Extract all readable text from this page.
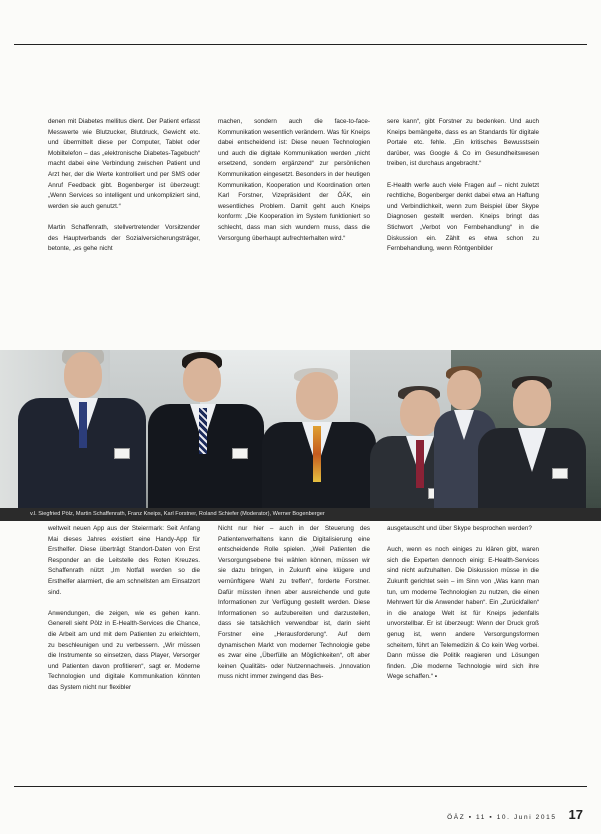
denen mit Diabetes mellitus dient. Der Patient erfasst Messwerte wie Blutzucker, Blutdruck, Gewicht etc. und übermittelt diese per Computer, Tablet oder Mobiltelefon – das „elektronische Diabetes-Tagebuch“ macht dabei eine Verbindung zwischen Patient und Arzt her, der die Werte kontrolliert und per SMS oder Anruf Feedback gibt. Bogenberger ist überzeugt: „Wenn Services so intelligent und unkompliziert sind, werden sie auch genutzt.“

Martin Schaffenrath, stellvertretender Vorsitzender des Hauptverbands der Sozialversicherungsträger, betonte, „es gehe nicht

machen, sondern auch die face-to-face-Kommunikation wesentlich verändern. Was für Kneips dabei entscheidend ist: Diese neuen Technologien und auch die digitale Kommunikation werden „nicht ersetzend, sondern ergänzend“ zur persönlichen Kommunikation eingesetzt. Besonders in der heutigen Kommunikation, Kooperation und Koordination orten Karl Forstner, Vizepräsident der ÖÄK, ein wesentliches Problem. Damit geht auch Kneips konform: „Die Kooperation im System funktioniert so schlecht, dass man sich wundern muss, dass die Versorgung überhaupt aufrechterhalten wird.“

sere kann“, gibt Forstner zu bedenken. Und auch Kneips bemängelte, dass es an Standards für digitale Portale etc. fehle. „Ein kritisches Bewusstsein darüber, was Google & Co im Gesundheitswesen treiben, ist durchaus angebracht.“

E-Health werfe auch viele Fragen auf – nicht zuletzt rechtliche, Bogenberger denkt dabei etwa an Haftung und Verbindlichkeit, wenn zum Beispiel über Skype Diagnosen gestellt werden. Kneips bringt das Stichwort „Verbot von Fernbehandlung“ in die Diskussion ein. Zählt es etwa schon zu Fernbehandlung, wenn Röntgenbilder

v.l. Siegfried Pölz, Martin Schaffenrath, Franz Kneips, Karl Forstner, Roland Schiefer (Moderator), Werner Bogenberger

weltweit neuen App aus der Steiermark: Seit Anfang Mai dieses Jahres existiert eine Handy-App für Ersthelfer. Diese überträgt Standort-Daten von Erst Responder an die Leitstelle des Roten Kreuzes. Schaffenrath nützt „Im Notfall werden so die Ersthelfer alarmiert, die am schnellsten am Einsatzort sind.

Anwendungen, die zeigen, wie es gehen kann. Generell sieht Pölz in E-Health-Services die Chance, die Arbeit am und mit dem Patienten zu erleichtern, zu beschleunigen und zu verbessern. „Wir müssen die Instrumente so einsetzen, dass Player, Versorger und Patienten davon profitieren“, sagt er. Moderne Technologien und digitale Kommunikation könnten das System nicht nur flexibler

Nicht nur hier – auch in der Steuerung des Patientenverhaltens kann die Digitalisierung eine entscheidende Rolle spielen. „Weil Patienten die Versorgungsebene frei wählen können, müssen wir sie dazu bringen, in Zukunft eine klügere und vernünftigere Wahl zu treffen“, forderte Forstner. Dafür müssten ihnen aber ausreichende und gute Informationen zur Verfügung gestellt werden. Diese Informationen so aufzubereiten und darzustellen, dass sie tatsächlich verwendbar ist, darin sieht Forstner eine „Herausforderung“. Auf dem dynamischen Markt von moderner Technologie gebe es zwar eine „Überfülle an Möglichkeiten“, oft aber keinen Qualitäts- oder Nutzennachweis. „Innovation muss nicht immer zwingend das Bes-

ausgetauscht und über Skype besprochen werden?

Auch, wenn es noch einiges zu klären gibt, waren sich die Experten dennoch einig: E-Health-Services sind nicht aufzuhalten. Die Diskussion müsse in die Zukunft gerichtet sein – im Sinn von „Was kann man tun, um moderne Technologien zu nutzen, die einen Mehrwert für die Anwender haben“. Ein „Zurückfallen“ in die analoge Welt ist für Kneips jedenfalls unvorstellbar. Er ist überzeugt: Wenn der Druck groß genug ist, wenn andere Versorgungsformen scheitern, führt an Telemedizin & Co kein Weg vorbei. Dann müsse die Politik reagieren und Lösungen finden. „Die moderne Technologie wird sich ihre Wege schaffen.“ ▪

ÖÄZ ▪ 11 ▪ 10. Juni 2015 17
